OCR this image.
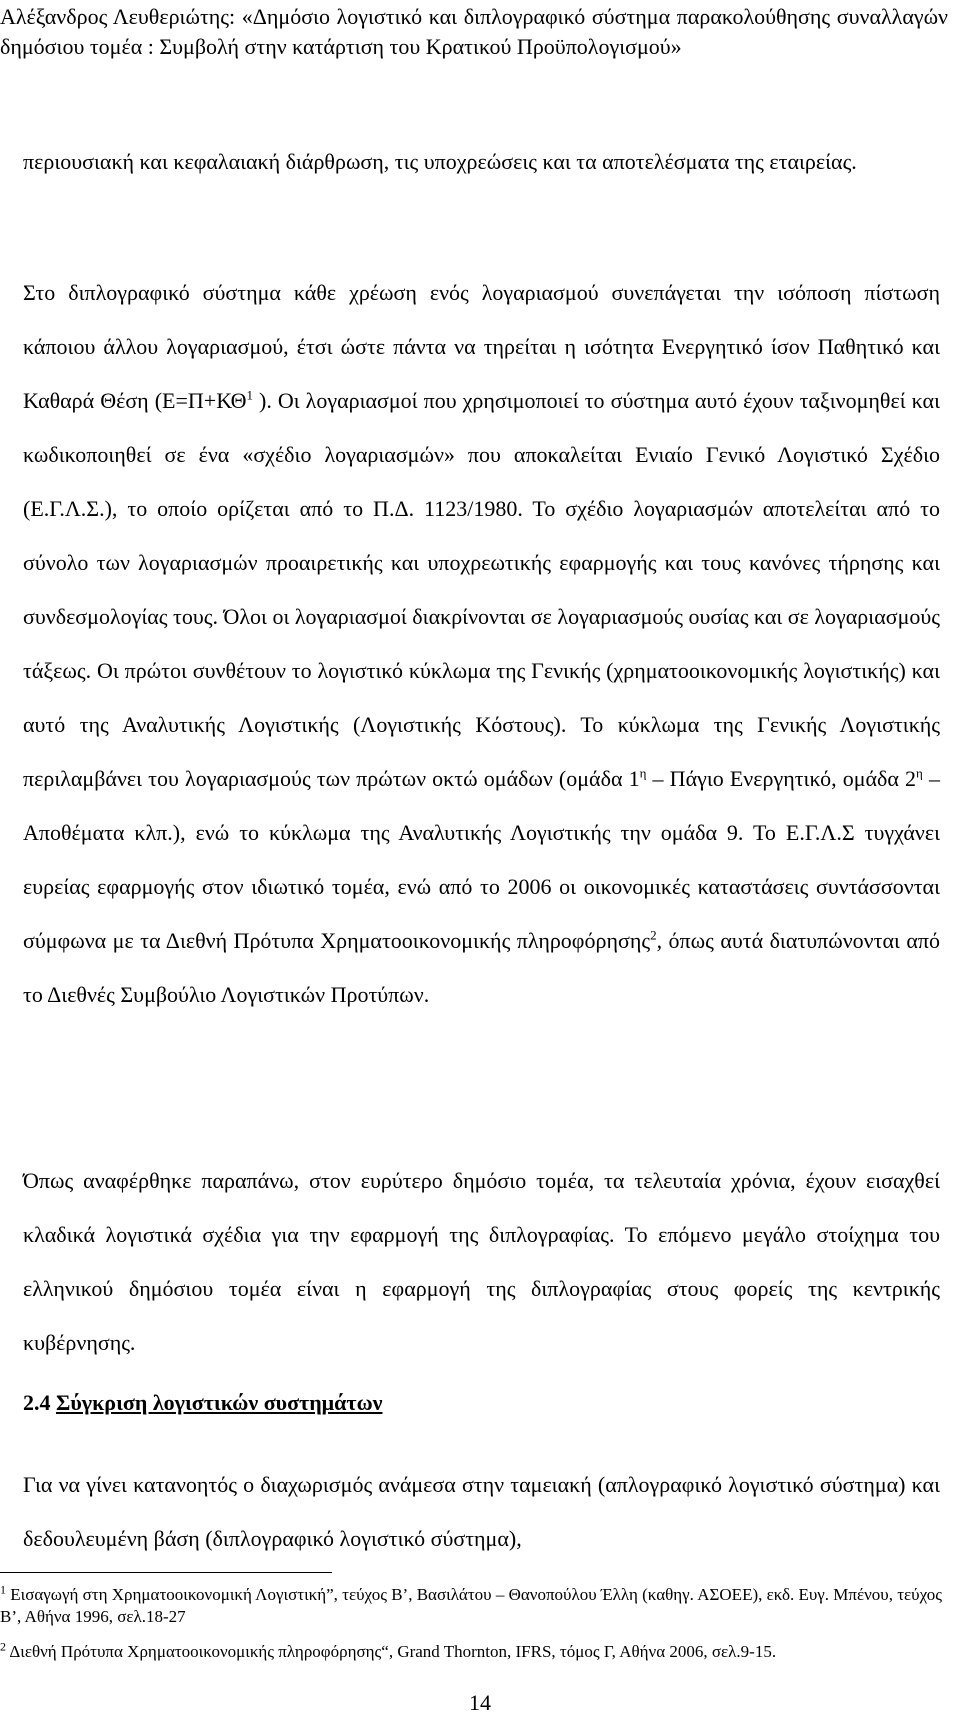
Αλέξανδρος Λευθεριώτης: «Δημόσιο λογιστικό και διπλογραφικό σύστημα παρακολούθησης συναλλαγών δημόσιου τομέα : Συμβολή στην κατάρτιση του Κρατικού Προϋπολογισμού»
περιουσιακή και κεφαλαιακή διάρθρωση, τις υποχρεώσεις και τα αποτελέσματα της εταιρείας.
Στο διπλογραφικό σύστημα κάθε χρέωση ενός λογαριασμού συνεπάγεται την ισόποση πίστωση κάποιου άλλου λογαριασμού, έτσι ώστε πάντα να τηρείται η ισότητα Ενεργητικό ίσον Παθητικό και Καθαρά Θέση ($E=\Pi+K\Theta^1$ ). Οι λογαριασμοί που χρησιμοποιεί το σύστημα αυτό έχουν ταξινομηθεί και κωδικοποιηθεί σε ένα «σχέδιο λογαριασμών» που αποκαλείται Ενιαίο Γενικό Λογιστικό Σχέδιο (Ε.Γ.Λ.Σ.), το οποίο ορίζεται από το Π.Δ. 1123/1980. Το σχέδιο λογαριασμών αποτελείται από το σύνολο των λογαριασμών προαιρετικής και υποχρεωτικής εφαρμογής και τους κανόνες τήρησης και συνδεσμολογίας τους. Όλοι οι λογαριασμοί διακρίνονται σε λογαριασμούς ουσίας και σε λογαριασμούς τάξεως. Οι πρώτοι συνθέτουν το λογιστικό κύκλωμα της Γενικής (χρηματοοικονομικής λογιστικής) και αυτό της Αναλυτικής Λογιστικής (Λογιστικής Κόστους). Το κύκλωμα της Γενικής Λογιστικής περιλαμβάνει του λογαριασμούς των πρώτων οκτώ ομάδων (ομάδα $1^\eta$ – Πάγιο Ενεργητικό, ομάδα $2^\eta$ – Αποθέματα κλπ.), ενώ το κύκλωμα της Αναλυτικής Λογιστικής την ομάδα 9. Το Ε.Γ.Λ.Σ τυγχάνει ευρείας εφαρμογής στον ιδιωτικό τομέα, ενώ από το 2006 οι οικονομικές καταστάσεις συντάσσονται σύμφωνα με τα Διεθνή Πρότυπα Χρηματοοικονομικής πληροφόρησης$^2$, όπως αυτά διατυπώνονται από το Διεθνές Συμβούλιο Λογιστικών Προτύπων.
Όπως αναφέρθηκε παραπάνω, στον ευρύτερο δημόσιο τομέα, τα τελευταία χρόνια, έχουν εισαχθεί κλαδικά λογιστικά σχέδια για την εφαρμογή της διπλογραφίας. Το επόμενο μεγάλο στοίχημα του ελληνικού δημόσιου τομέα είναι η εφαρμογή της διπλογραφίας στους φορείς της κεντρικής κυβέρνησης.
2.4 Σύγκριση λογιστικών συστημάτων
Για να γίνει κατανοητός ο διαχωρισμός ανάμεσα στην ταμειακή (απλογραφικό λογιστικό σύστημα) και δεδουλευμένη βάση (διπλογραφικό λογιστικό σύστημα),
$^1$ Εισαγωγή στη Χρηματοοικονομική Λογιστική”, τεύχος Β’, Βασιλάτου – Θανοπούλου Έλλη (καθηγ. ΑΣΟΕΕ), εκδ. Ευγ. Μπένου, τεύχος Β’, Αθήνα 1996, σελ.18-27
$^2$ Διεθνή Πρότυπα Χρηματοοικονομικής πληροφόρησης“, Grand Thornton, IFRS, τόμος Γ, Αθήνα 2006, σελ.9-15.
14
